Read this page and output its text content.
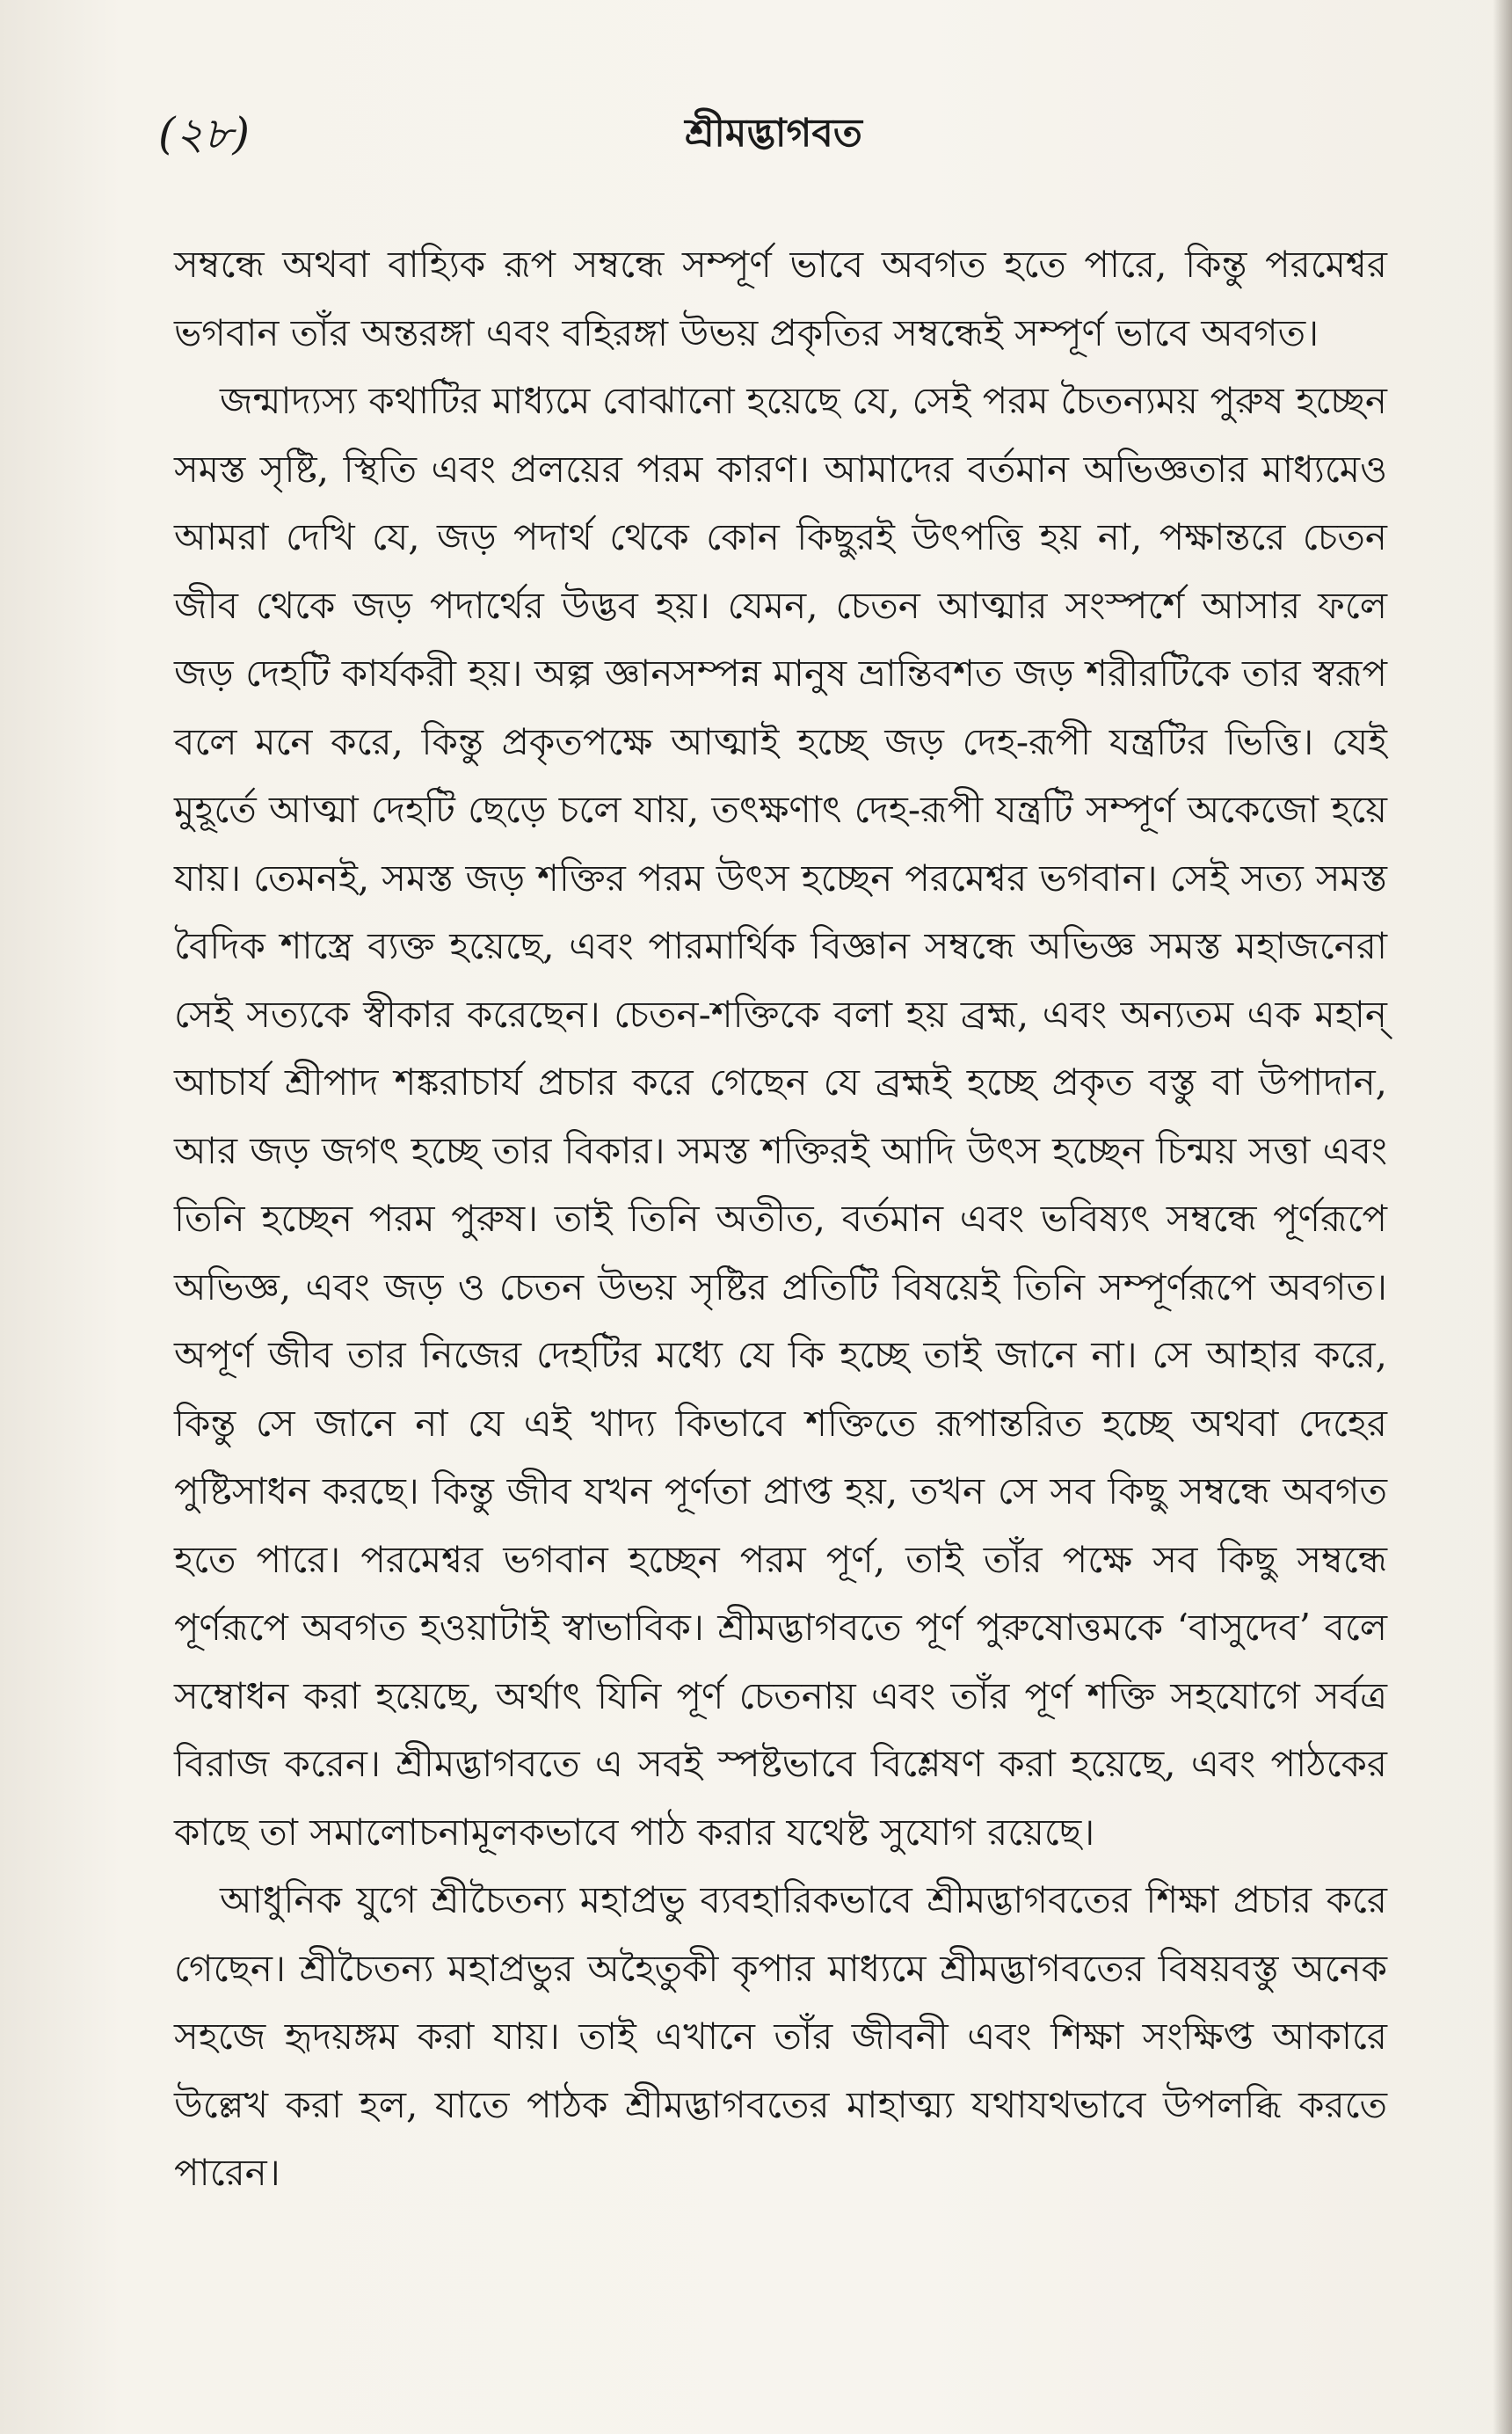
(২৮)	শ্রীমদ্ভাগবত

সম্বন্ধে অথবা বাহ্যিক রূপ সম্বন্ধে সম্পূর্ণ ভাবে অবগত হতে পারে, কিন্তু পরমেশ্বর ভগবান তাঁর অন্তরঙ্গা এবং বহিরঙ্গা উভয় প্রকৃতির সম্বন্ধেই সম্পূর্ণ ভাবে অবগত।

জন্মাদ্যস্য কথাটির মাধ্যমে বোঝানো হয়েছে যে, সেই পরম চৈতন্যময় পুরুষ হচ্ছেন সমস্ত সৃষ্টি, স্থিতি এবং প্রলয়ের পরম কারণ। আমাদের বর্তমান অভিজ্ঞতার মাধ্যমেও আমরা দেখি যে, জড় পদার্থ থেকে কোন কিছুরই উৎপত্তি হয় না, পক্ষান্তরে চেতন জীব থেকে জড় পদার্থের উদ্ভব হয়। যেমন, চেতন আত্মার সংস্পর্শে আসার ফলে জড় দেহটি কার্যকরী হয়। অল্প জ্ঞানসম্পন্ন মানুষ ভ্রান্তিবশত জড় শরীরটিকে তার স্বরূপ বলে মনে করে, কিন্তু প্রকৃতপক্ষে আত্মাই হচ্ছে জড় দেহ-রূপী যন্ত্রটির ভিত্তি। যেই মুহূর্তে আত্মা দেহটি ছেড়ে চলে যায়, তৎক্ষণাৎ দেহ-রূপী যন্ত্রটি সম্পূর্ণ অকেজো হয়ে যায়। তেমনই, সমস্ত জড় শক্তির পরম উৎস হচ্ছেন পরমেশ্বর ভগবান। সেই সত্য সমস্ত বৈদিক শাস্ত্রে ব্যক্ত হয়েছে, এবং পারমার্থিক বিজ্ঞান সম্বন্ধে অভিজ্ঞ সমস্ত মহাজনেরা সেই সত্যকে স্বীকার করেছেন। চেতন-শক্তিকে বলা হয় ব্রহ্ম, এবং অন্যতম এক মহান্ আচার্য শ্রীপাদ শঙ্করাচার্য প্রচার করে গেছেন যে ব্রহ্মই হচ্ছে প্রকৃত বস্তু বা উপাদান, আর জড় জগৎ হচ্ছে তার বিকার। সমস্ত শক্তিরই আদি উৎস হচ্ছেন চিন্ময় সত্তা এবং তিনি হচ্ছেন পরম পুরুষ। তাই তিনি অতীত, বর্তমান এবং ভবিষ্যৎ সম্বন্ধে পূর্ণরূপে অভিজ্ঞ, এবং জড় ও চেতন উভয় সৃষ্টির প্রতিটি বিষয়েই তিনি সম্পূর্ণরূপে অবগত। অপূর্ণ জীব তার নিজের দেহটির মধ্যে যে কি হচ্ছে তাই জানে না। সে আহার করে, কিন্তু সে জানে না যে এই খাদ্য কিভাবে শক্তিতে রূপান্তরিত হচ্ছে অথবা দেহের পুষ্টিসাধন করছে। কিন্তু জীব যখন পূর্ণতা প্রাপ্ত হয়, তখন সে সব কিছু সম্বন্ধে অবগত হতে পারে। পরমেশ্বর ভগবান হচ্ছেন পরম পূর্ণ, তাই তাঁর পক্ষে সব কিছু সম্বন্ধে পূর্ণরূপে অবগত হওয়াটাই স্বাভাবিক। শ্রীমদ্ভাগবতে পূর্ণ পুরুষোত্তমকে ‘বাসুদেব’ বলে সম্বোধন করা হয়েছে, অর্থাৎ যিনি পূর্ণ চেতনায় এবং তাঁর পূর্ণ শক্তি সহযোগে সর্বত্র বিরাজ করেন। শ্রীমদ্ভাগবতে এ সবই স্পষ্টভাবে বিশ্লেষণ করা হয়েছে, এবং পাঠকের কাছে তা সমালোচনামূলকভাবে পাঠ করার যথেষ্ট সুযোগ রয়েছে।

আধুনিক যুগে শ্রীচৈতন্য মহাপ্রভু ব্যবহারিকভাবে শ্রীমদ্ভাগবতের শিক্ষা প্রচার করে গেছেন। শ্রীচৈতন্য মহাপ্রভুর অহৈতুকী কৃপার মাধ্যমে শ্রীমদ্ভাগবতের বিষয়বস্তু অনেক সহজে হৃদয়ঙ্গম করা যায়। তাই এখানে তাঁর জীবনী এবং শিক্ষা সংক্ষিপ্ত আকারে উল্লেখ করা হল, যাতে পাঠক শ্রীমদ্ভাগবতের মাহাত্ম্য যথাযথভাবে উপলব্ধি করতে পারেন।
